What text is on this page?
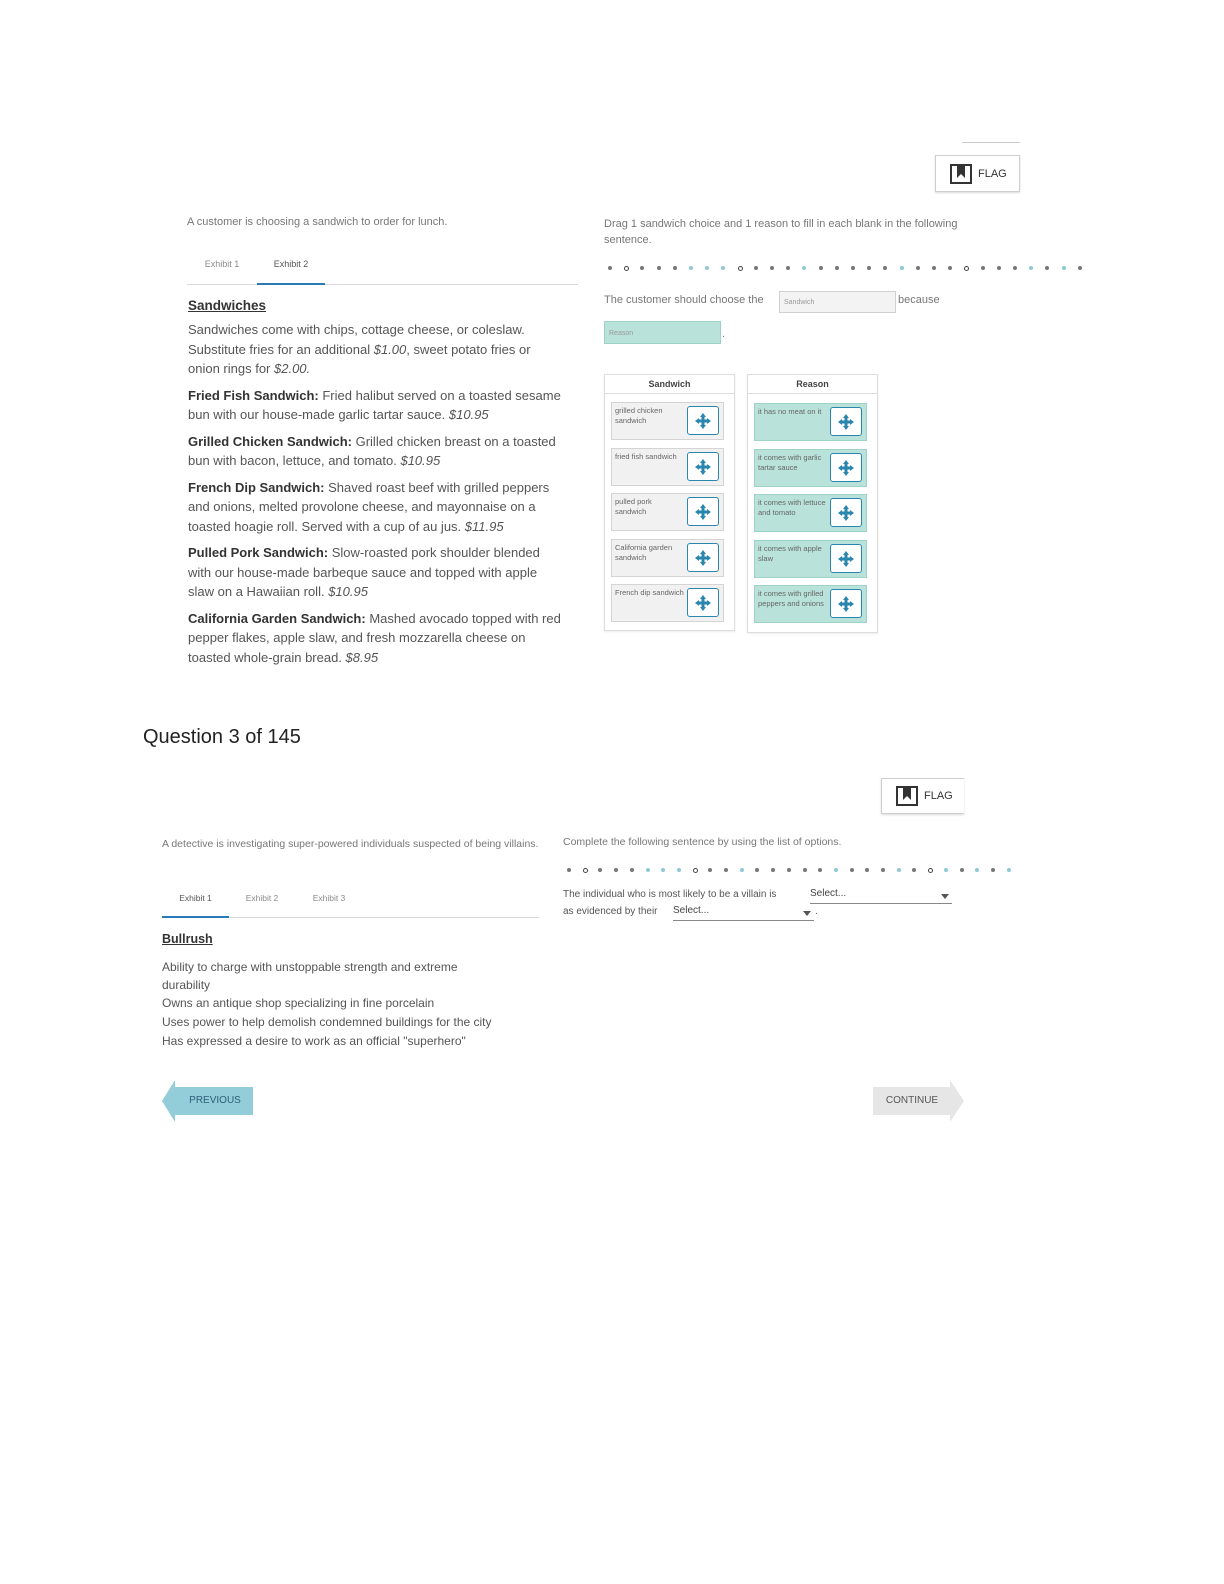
FLAG
A customer is choosing a sandwich to order for lunch.
Exhibit 1	Exhibit 2
Sandwiches

Sandwiches come with chips, cottage cheese, or coleslaw.
Substitute fries for an additional $1.00, sweet potato fries or
onion rings for $2.00.

Fried Fish Sandwich: Fried halibut served on a toasted sesame
bun with our house-made garlic tartar sauce. $10.95

Grilled Chicken Sandwich: Grilled chicken breast on a toasted
bun with bacon, lettuce, and tomato. $10.95

French Dip Sandwich: Shaved roast beef with grilled peppers
and onions, melted provolone cheese, and mayonnaise on a
toasted hoagie roll. Served with a cup of au jus. $11.95

Pulled Pork Sandwich: Slow-roasted pork shoulder blended
with our house-made barbeque sauce and topped with apple
slaw on a Hawaiian roll. $10.95

California Garden Sandwich: Mashed avocado topped with red
pepper flakes, apple slaw, and fresh mozzarella cheese on
toasted whole-grain bread. $8.95

Drag 1 sandwich choice and 1 reason to fill in each blank in the following sentence.
The customer should choose the	Sandwich	because
Reason	.
Sandwich
grilled chicken sandwich
fried fish sandwich
pulled pork sandwich
California garden sandwich
French dip sandwich
Reason
it has no meat on it
it comes with garlic tartar sauce
it comes with lettuce and tomato
it comes with apple slaw
it comes with grilled peppers and onions
Question 3 of 145
FLAG
A detective is investigating super-powered individuals suspected of being villains.
Exhibit 1	Exhibit 2	Exhibit 3
Bullrush
Ability to charge with unstoppable strength and extreme durability
Owns an antique shop specializing in fine porcelain
Uses power to help demolish condemned buildings for the city
Has expressed a desire to work as an official "superhero"
Complete the following sentence by using the list of options.
The individual who is most likely to be a villain is	Select...
as evidenced by their Select...	.
PREVIOUS	CONTINUE
